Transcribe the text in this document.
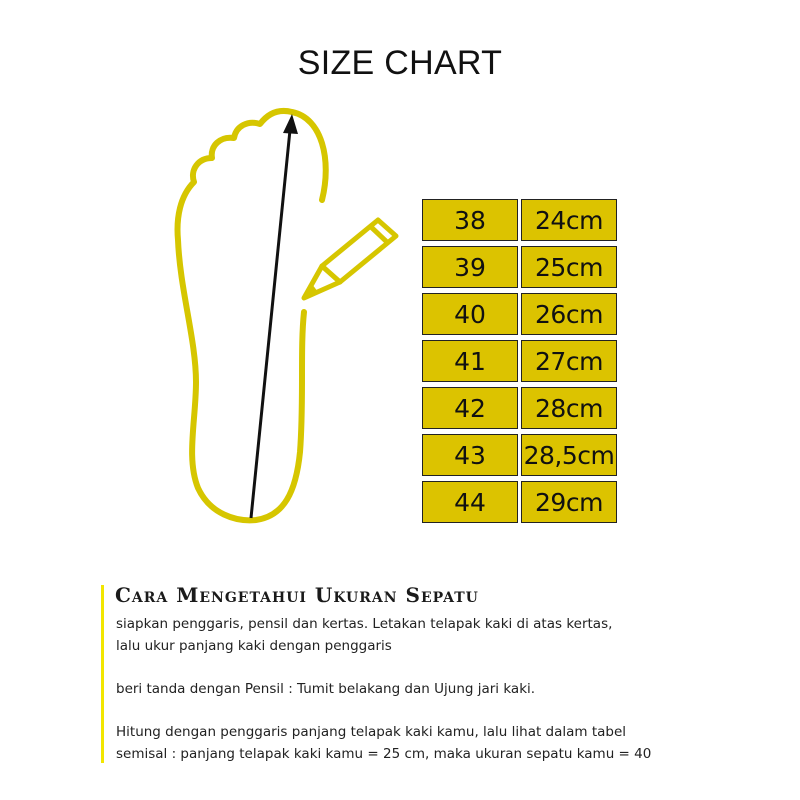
SIZE CHART
38	24cm
39	25cm
40	26cm
41	27cm
42	28cm
43	28,5cm
44	29cm
Cara Mengetahui Ukuran Sepatu
siapkan penggaris, pensil dan kertas. Letakan telapak kaki di atas kertas,
lalu ukur panjang kaki dengan penggaris
beri tanda dengan Pensil : Tumit belakang dan Ujung jari kaki.
Hitung dengan penggaris panjang telapak kaki kamu, lalu lihat dalam tabel
semisal : panjang telapak kaki kamu = 25 cm, maka ukuran sepatu kamu = 40
